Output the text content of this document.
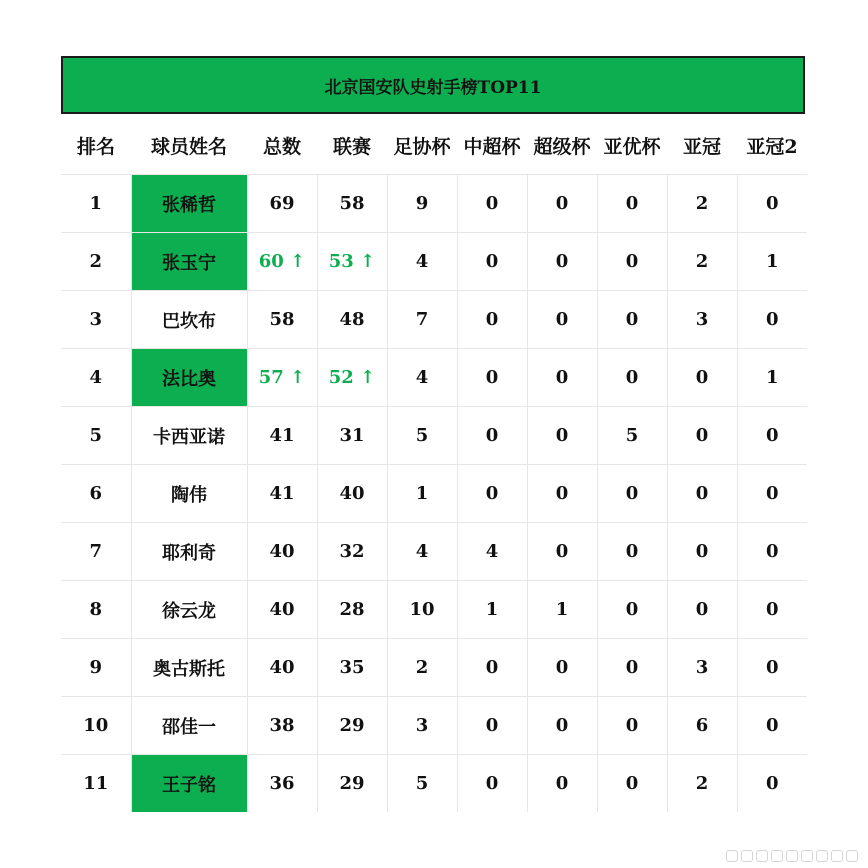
北京国安队史射手榜TOP11
排名	球员姓名	总数	联赛	足协杯	中超杯	超级杯	亚优杯	亚冠	亚冠2
1	张稀哲	69	58	9	0	0	0	2	0
2	张玉宁	60 ↑	53 ↑	4	0	0	0	2	1
3	巴坎布	58	48	7	0	0	0	3	0
4	法比奥	57 ↑	52 ↑	4	0	0	0	0	1
5	卡西亚诺	41	31	5	0	0	5	0	0
6	陶伟	41	40	1	0	0	0	0	0
7	耶利奇	40	32	4	4	0	0	0	0
8	徐云龙	40	28	10	1	1	0	0	0
9	奥古斯托	40	35	2	0	0	0	3	0
10	邵佳一	38	29	3	0	0	0	6	0
11	王子铭	36	29	5	0	0	0	2	0
